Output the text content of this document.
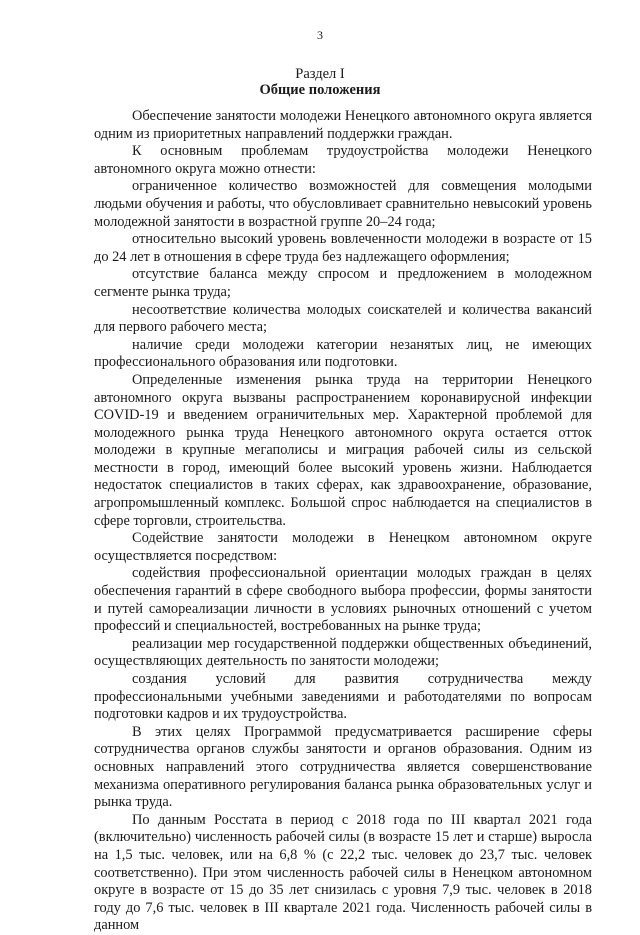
3
Раздел I
Общие положения

Обеспечение занятости молодежи Ненецкого автономного округа является одним из приоритетных направлений поддержки граждан.

К основным проблемам трудоустройства молодежи Ненецкого автономного округа можно отнести:

ограниченное количество возможностей для совмещения молодыми людьми обучения и работы, что обусловливает сравнительно невысокий уровень молодежной занятости в возрастной группе 20–24 года;

относительно высокий уровень вовлеченности молодежи в возрасте от 15 до 24 лет в отношения в сфере труда без надлежащего оформления;

отсутствие баланса между спросом и предложением в молодежном сегменте рынка труда;

несоответствие количества молодых соискателей и количества вакансий для первого рабочего места;

наличие среди молодежи категории незанятых лиц, не имеющих профессионального образования или подготовки.

Определенные изменения рынка труда на территории Ненецкого автономного округа вызваны распространением коронавирусной инфекции COVID-19 и введением ограничительных мер. Характерной проблемой для молодежного рынка труда Ненецкого автономного округа остается отток молодежи в крупные мегаполисы и миграция рабочей силы из сельской местности в город, имеющий более высокий уровень жизни. Наблюдается недостаток специалистов в таких сферах, как здравоохранение, образование, агропромышленный комплекс. Большой спрос наблюдается на специалистов в сфере торговли, строительства.

Содействие занятости молодежи в Ненецком автономном округе осуществляется посредством:

содействия профессиональной ориентации молодых граждан в целях обеспечения гарантий в сфере свободного выбора профессии, формы занятости и путей самореализации личности в условиях рыночных отношений с учетом профессий и специальностей, востребованных на рынке труда;

реализации мер государственной поддержки общественных объединений, осуществляющих деятельность по занятости молодежи;

создания условий для развития сотрудничества между профессиональными учебными заведениями и работодателями по вопросам подготовки кадров и их трудоустройства.

В этих целях Программой предусматривается расширение сферы сотрудничества органов службы занятости и органов образования. Одним из основных направлений этого сотрудничества является совершенствование механизма оперативного регулирования баланса рынка образовательных услуг и рынка труда.

По данным Росстата в период с 2018 года по III квартал 2021 года (включительно) численность рабочей силы (в возрасте 15 лет и старше) выросла на 1,5 тыс. человек, или на 6,8 % (с 22,2 тыс. человек до 23,7 тыс. человек соответственно). При этом численность рабочей силы в Ненецком автономном округе в возрасте от 15 до 35 лет снизилась с уровня 7,9 тыс. человек в 2018 году до 7,6 тыс. человек в III квартале 2021 года. Численность рабочей силы в данном
